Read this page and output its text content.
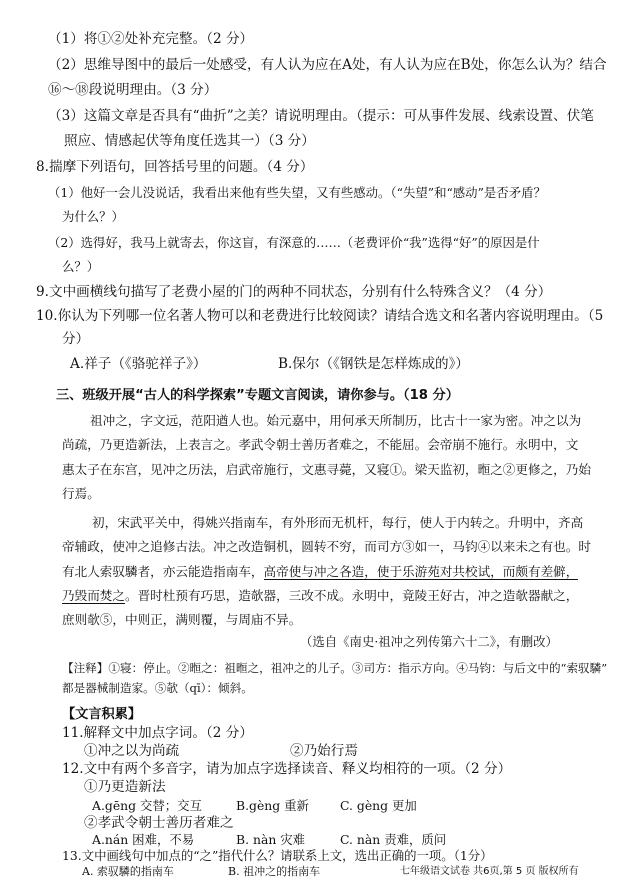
（1）将①②处补充完整。（2 分）
（2）思维导图中的最后一处感受，有人认为应在A处，有人认为应在B处，你怎么认为？结合
⑯～⑱段说明理由。（3 分）
（3）这篇文章是否具有“曲折”之美？请说明理由。（提示：可从事件发展、线索设置、伏笔
照应、情感起伏等角度任选其一）（3 分）
8.揣摩下列语句，回答括号里的问题。（4 分）
（1）他好一会儿没说话，我看出来他有些失望，又有些感动。（“失望”和“感动”是否矛盾？
为什么？）
（2）选得好，我马上就寄去，你这盲，有深意的……（老费评价“我”选得“好”的原因是什
么？）
9.文中画横线句描写了老费小屋的门的两种不同状态，分别有什么特殊含义？（4 分）
10.你认为下列哪一位名著人物可以和老费进行比较阅读？请结合选文和名著内容说明理由。（5
分）
A.祥子（《骆驼祥子》）	B.保尔（《钢铁是怎样炼成的》）
三、班级开展“古人的科学探索”专题文言阅读，请你参与。（18 分）
祖冲之，字文远，范阳遒人也。始元嘉中，用何承天所制历，比古十一家为密。冲之以为
尚疏，乃更造新法，上表言之。孝武令朝士善历者难之，不能屈。会帝崩不施行。永明中，文
惠太子在东宫，见冲之历法，启武帝施行，文惠寻薨，又寝①。梁天监初，暅之②更修之，乃始
行焉。
初，宋武平关中，得姚兴指南车，有外形而无机杆，每行，使人于内转之。升明中，齐高
帝辅政，使冲之追修古法。冲之改造铜机，圆转不穷，而司方③如一，马钧④以来未之有也。时
有北人索驭驎者，亦云能造指南车，高帝使与冲之各造，使于乐游苑对共校试，而颇有差僻，
乃毁而焚之。晋时杜预有巧思，造欹器，三改不成。永明中，竟陵王好古，冲之造欹器献之，
庶则欹⑤，中则正，满则覆，与周庙不异。
（选自《南史·祖冲之列传第六十二》，有删改）
【注释】①寝：停止。②暅之：祖暅之，祖冲之的儿子。③司方：指示方向。④马钧：与后文中的“索驭驎”
都是器械制造家。⑤欹（qī）：倾斜。
【文言积累】
11.解释文中加点字词。（2 分）
①冲之以为尚疏	②乃始行焉
12.文中有两个多音字，请为加点字选择读音、释义均相符的一项。（2 分）
①乃更造新法
A.gēng 交替；交互	B.gèng 重新	C. gèng 更加
七年级语文试卷 共6页,第 5 页 版权所有
②孝武令朝士善历者难之
A.nán 困难，不易	B. nàn 灾难	C. nàn 责难，质问
13.文中画线句中加点的“之”指代什么？请联系上文，选出正确的一项。（1分）
A. 索驭驎的指南车	B. 祖冲之的指南车
